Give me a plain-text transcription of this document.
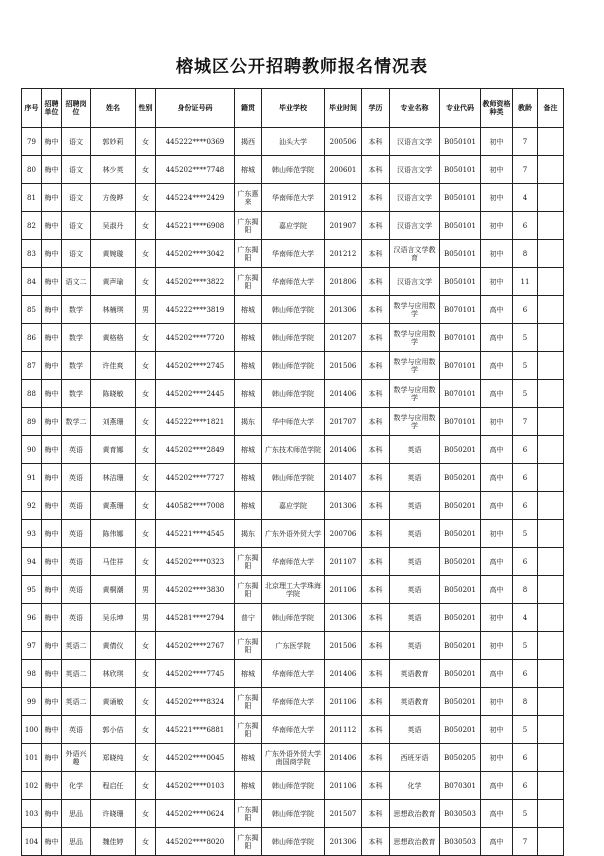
榕城区公开招聘教师报名情况表
序号	招聘单位	招聘岗位	姓名	性别	身份证号码	籍贯	毕业学校	毕业时间	学历	专业名称	专业代码	教师资格种类	教龄	备注
79	梅中	语文	郭妙莉	女	445222****0369	揭西	汕头大学	200506	本科	汉语言文学	B050101	初中	7	
80	梅中	语文	林少英	女	445202****7748	榕城	韩山师范学院	200601	本科	汉语言文学	B050101	初中	7	
81	梅中	语文	方俊晔	女	445224****2429	广东惠来	华南师范大学	201912	本科	汉语言文学	B050101	初中	4	
82	梅中	语文	吴淑丹	女	445221****6908	广东揭阳	嘉应学院	201907	本科	汉语言文学	B050101	初中	6	
83	梅中	语文	黄婉璇	女	445202****3042	广东揭阳	华南师范大学	201212	本科	汉语言文学教育	B050101	初中	8	
84	梅中	语文二	黄声瑜	女	445202****3822	广东揭阳	华南师范大学	201806	本科	汉语言文学	B050101	初中	11	
85	梅中	数学	林楠琪	男	445222****3819	榕城	韩山师范学院	201306	本科	数学与应用数学	B070101	高中	6	
86	梅中	数学	黄格格	女	445202****7720	榕城	韩山师范学院	201207	本科	数学与应用数学	B070101	高中	5	
87	梅中	数学	许佳爽	女	445202****2745	榕城	韩山师范学院	201506	本科	数学与应用数学	B070101	高中	5	
88	梅中	数学	陈晓敏	女	445202****2445	榕城	韩山师范学院	201406	本科	数学与应用数学	B070101	高中	5	
89	梅中	数学二	刘燕珊	女	445222****1821	揭东	华中师范大学	201707	本科	数学与应用数学	B070101	初中	7	
90	梅中	英语	黄育娜	女	445202****2849	榕城	广东技术师范学院	201406	本科	英语	B050201	高中	6	
91	梅中	英语	林洁珊	女	445202****7727	榕城	韩山师范学院	201407	本科	英语	B050201	高中	6	
92	梅中	英语	黄燕珊	女	440582****7008	榕城	嘉应学院	201306	本科	英语	B050201	高中	6	
93	梅中	英语	陈伟娜	女	445221****4545	揭东	广东外语外贸大学	200706	本科	英语	B050201	初中	5	
94	梅中	英语	马佳祥	女	445202****0323	广东揭阳	华南师范大学	201107	本科	英语	B050201	高中	6	
95	梅中	英语	黄桐潮	男	445202****3830	广东揭阳	北京理工大学珠海学院	201106	本科	英语	B050201	高中	8	
96	梅中	英语	吴乐坤	男	445281****2794	普宁	韩山师范学院	201306	本科	英语	B050201	初中	4	
97	梅中	英语二	黄倩仪	女	445202****2767	广东揭阳	广东医学院	201506	本科	英语	B050201	初中	5	
98	梅中	英语二	林欣琪	女	445202****7745	榕城	华南师范大学	201406	本科	英语教育	B050201	高中	6	
99	梅中	英语二	黄诵敏	女	445202****8324	广东揭阳	华南师范大学	201106	本科	英语教育	B050201	初中	8	
100	梅中	英语	郭小佶	女	445221****6881	广东揭阳	华南师范大学	201112	本科	英语	B050201	初中	5	
101	梅中	外语兴趣	郑晓纯	女	445202****0045	榕城	广东外语外贸大学南国商学院	201406	本科	西班牙语	B050205	初中	6	
102	梅中	化学	程启任	女	445202****0103	榕城	韩山师范学院	201106	本科	化学	B070301	高中	6	
103	梅中	思品	许晓珊	女	445202****0624	广东揭阳	韩山师范学院	201507	本科	思想政治教育	B030503	高中	5	
104	梅中	思品	魏佳婷	女	445202****8020	广东揭阳	韩山师范学院	201306	本科	思想政治教育	B030503	高中	7	
